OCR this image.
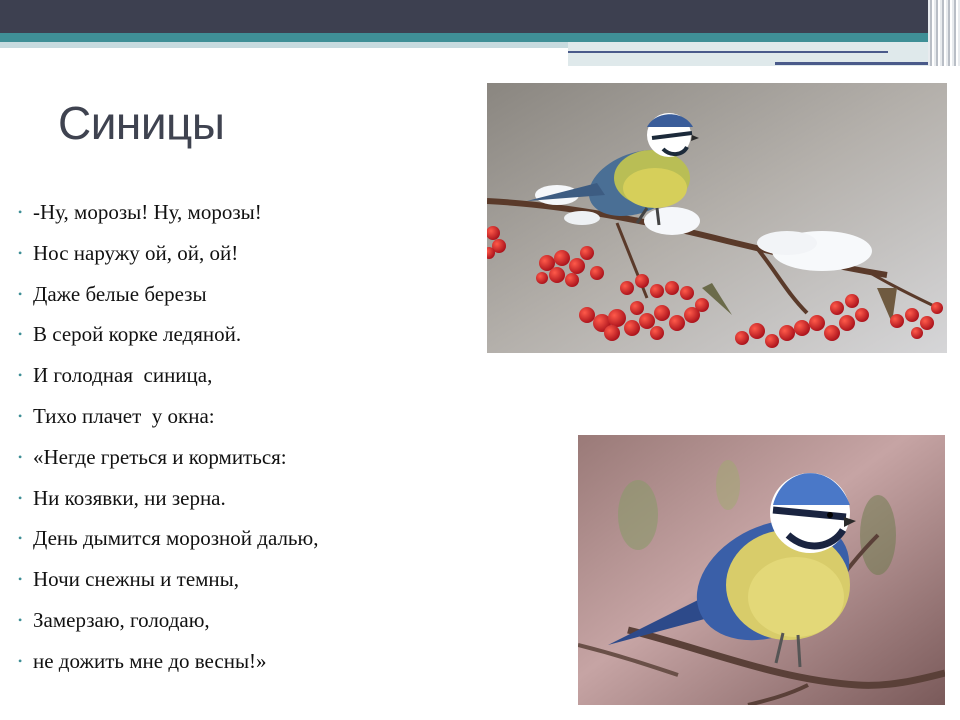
Синицы
• -Ну, морозы! Ну, морозы!
• Нос наружу ой, ой, ой!
• Даже белые березы
• В серой корке ледяной.
• И голодная  синица,
• Тихо плачет  у окна:
• «Негде греться и кормиться:
• Ни козявки, ни зерна.
• День дымится морозной далью,
• Ночи снежны и темны,
• Замерзаю, голодаю,
• не дожить мне до весны!»
